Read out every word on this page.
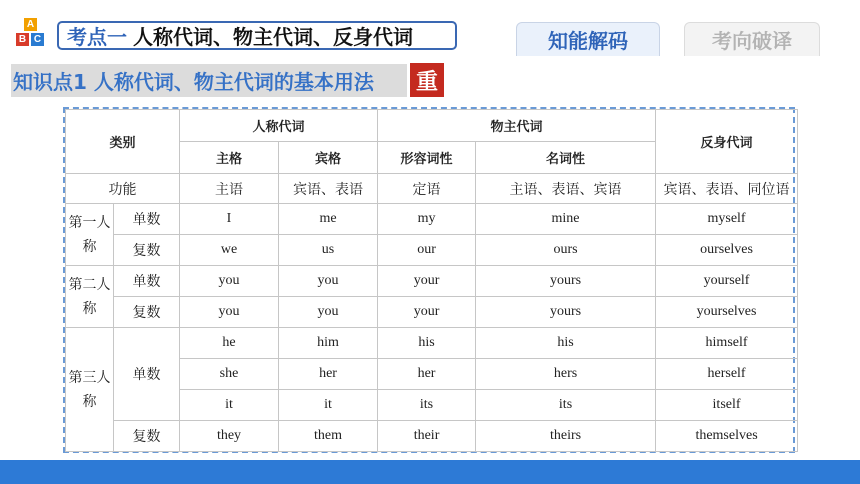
A
B C 考点一 人称代词、物主代词、反身代词	知能解码	考向破译
知识点1 人称代词、物主代词的基本用法	重
类别		人称代词		物主代词		反身代词
		主格	宾格	形容词性	名词性	
功能		主语	宾语、表语	定语	主语、表语、宾语	宾语、表语、同位语
第一人称	单数	I	me	my	mine	myself
	复数	we	us	our	ours	ourselves
第二人称	单数	you	you	your	yours	yourself
	复数	you	you	your	yours	yourselves
第三人称	单数	he	him	his	his	himself
		she	her	her	hers	herself
		it	it	its	its	itself
	复数	they	them	their	theirs	themselves
